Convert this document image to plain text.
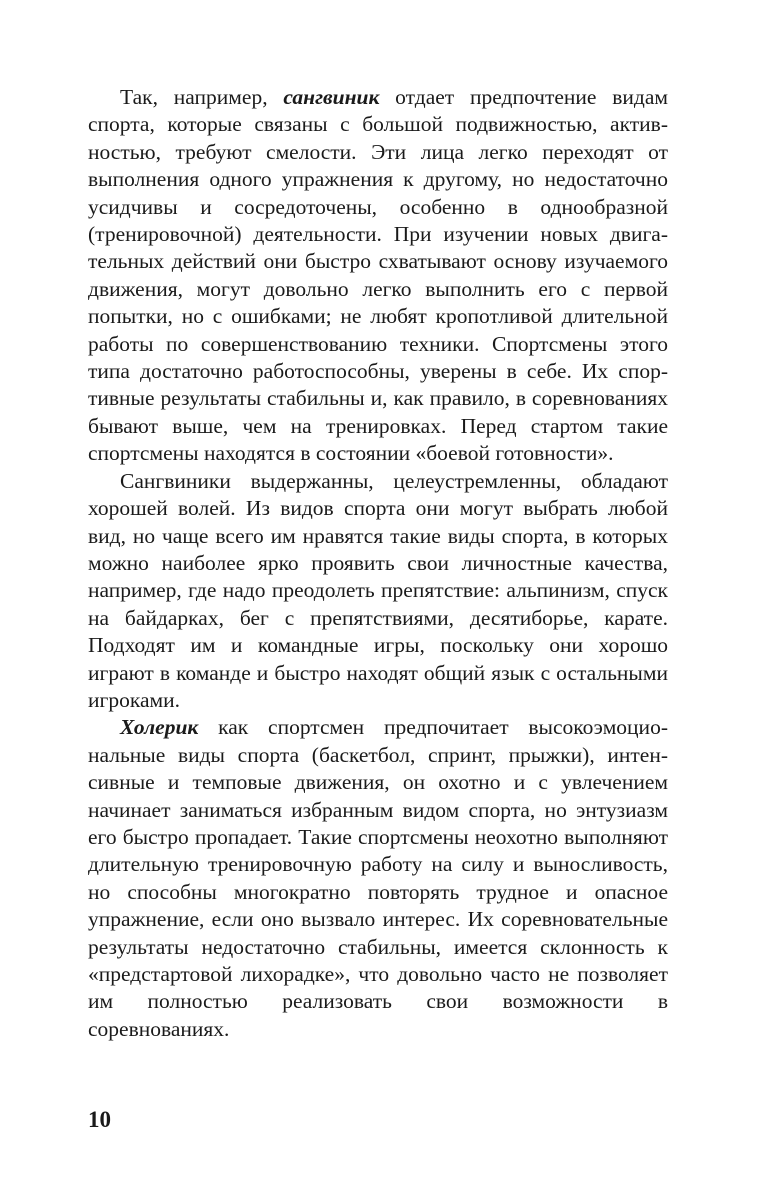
Так, например, сангвиник отдает предпочтение видам спорта, которые связаны с большой подвижностью, активностью, требуют смелости. Эти лица легко переходят от выполнения одного упражнения к другому, но недостаточно усидчивы и сосредоточены, особенно в однообразной (тренировочной) деятельности. При изучении новых двигательных действий они быстро схватывают основу изучаемого движения, могут довольно легко выполнить его с первой попытки, но с ошибками; не любят кропотливой длительной работы по совершенствованию техники. Спортсмены этого типа достаточно работоспособны, уверены в себе. Их спортивные результаты стабильны и, как правило, в соревнованиях бывают выше, чем на тренировках. Перед стартом такие спортсмены находятся в состоянии «боевой готовности».

Сангвиники выдержанны, целеустремленны, обладают хорошей волей. Из видов спорта они могут выбрать любой вид, но чаще всего им нравятся такие виды спорта, в которых можно наиболее ярко проявить свои личностные качества, например, где надо преодолеть препятствие: альпинизм, спуск на байдарках, бег с препятствиями, десятиборье, карате. Подходят им и командные игры, поскольку они хорошо играют в команде и быстро находят общий язык с остальными игроками.

Холерик как спортсмен предпочитает высокоэмоциональные виды спорта (баскетбол, спринт, прыжки), интенсивные и темповые движения, он охотно и с увлечением начинает заниматься избранным видом спорта, но энтузиазм его быстро пропадает. Такие спортсмены неохотно выполняют длительную тренировочную работу на силу и выносливость, но способны многократно повторять трудное и опасное упражнение, если оно вызвало интерес. Их соревновательные результаты недостаточно стабильны, имеется склонность к «предстартовой лихорадке», что довольно часто не позволяет им полностью реализовать свои возможности в соревнованиях.

10
